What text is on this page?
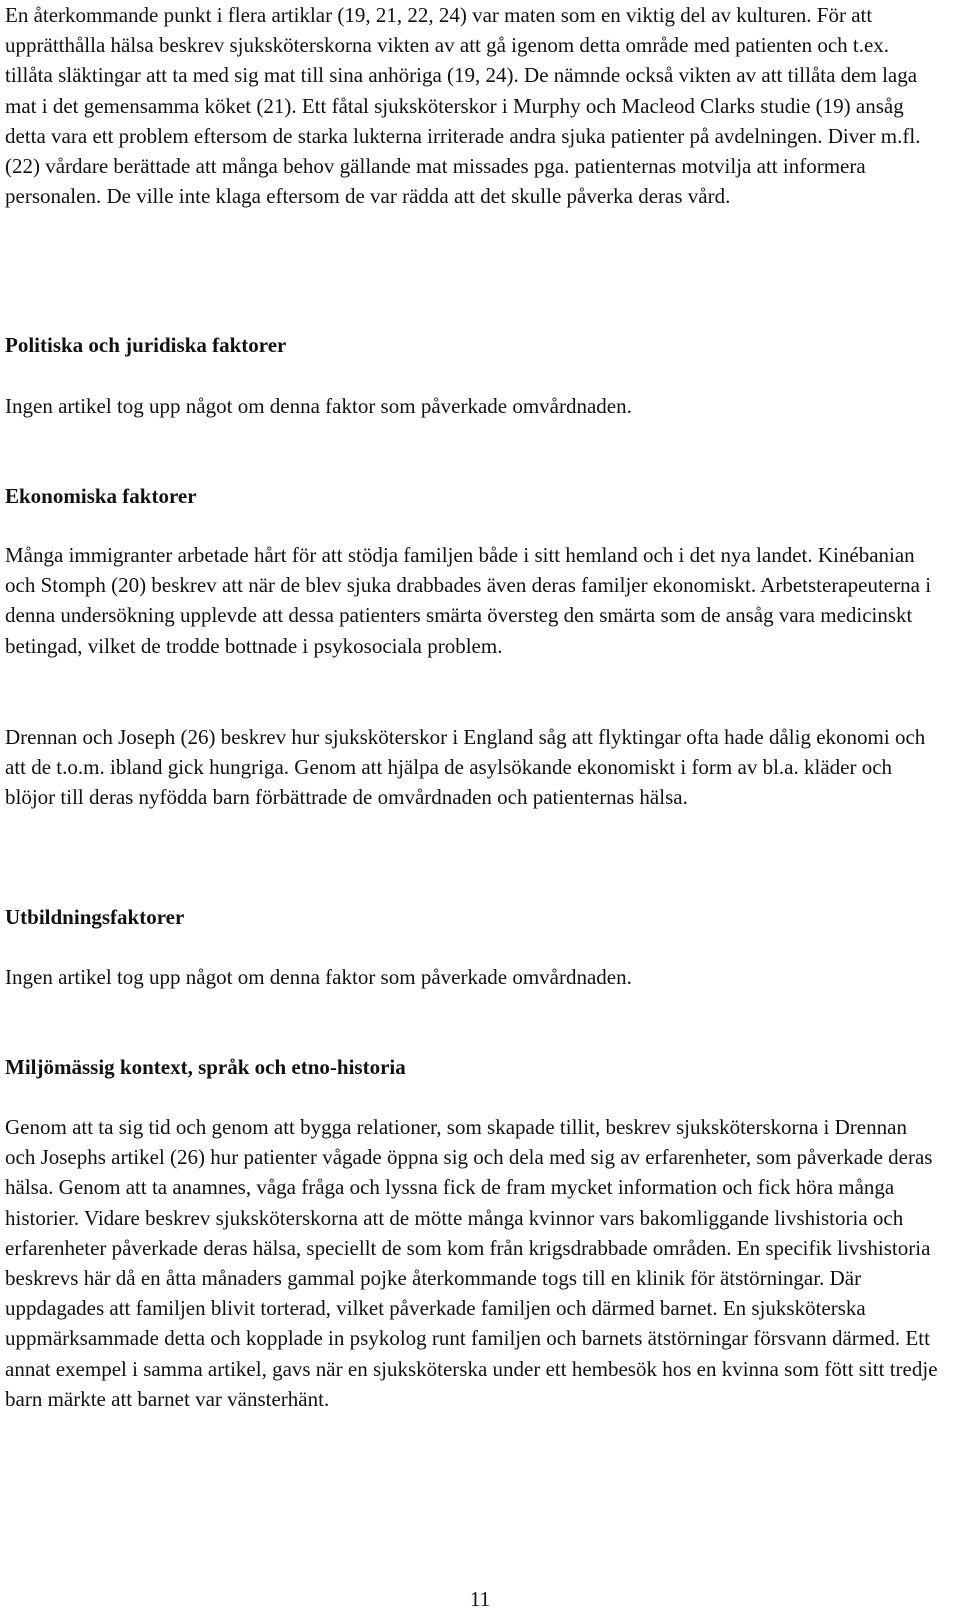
En återkommande punkt i flera artiklar (19, 21, 22, 24) var maten som en viktig del av kulturen. För att upprätthålla hälsa beskrev sjuksköterskorna vikten av att gå igenom detta område med patienten och t.ex. tillåta släktingar att ta med sig mat till sina anhöriga (19, 24). De nämnde också vikten av att tillåta dem laga mat i det gemensamma köket (21). Ett fåtal sjuksköterskor i Murphy och Macleod Clarks studie (19) ansåg detta vara ett problem eftersom de starka lukterna irriterade andra sjuka patienter på avdelningen. Diver m.fl. (22) vårdare berättade att många behov gällande mat missades pga. patienternas motvilja att informera personalen. De ville inte klaga eftersom de var rädda att det skulle påverka deras vård.

Politiska och juridiska faktorer

Ingen artikel tog upp något om denna faktor som påverkade omvårdnaden.

Ekonomiska faktorer

Många immigranter arbetade hårt för att stödja familjen både i sitt hemland och i det nya landet. Kinébanian och Stomph (20) beskrev att när de blev sjuka drabbades även deras familjer ekonomiskt. Arbetsterapeuterna i denna undersökning upplevde att dessa patienters smärta översteg den smärta som de ansåg vara medicinskt betingad, vilket de trodde bottnade i psykosociala problem.

Drennan och Joseph (26) beskrev hur sjuksköterskor i England såg att flyktingar ofta hade dålig ekonomi och att de t.o.m. ibland gick hungriga. Genom att hjälpa de asylsökande ekonomiskt i form av bl.a. kläder och blöjor till deras nyfödda barn förbättrade de omvårdnaden och patienternas hälsa.

Utbildningsfaktorer

Ingen artikel tog upp något om denna faktor som påverkade omvårdnaden.

Miljömässig kontext, språk och etno-historia

Genom att ta sig tid och genom att bygga relationer, som skapade tillit, beskrev sjuksköterskorna i Drennan och Josephs artikel (26) hur patienter vågade öppna sig och dela med sig av erfarenheter, som påverkade deras hälsa. Genom att ta anamnes, våga fråga och lyssna fick de fram mycket information och fick höra många historier. Vidare beskrev sjuksköterskorna att de mötte många kvinnor vars bakomliggande livshistoria och erfarenheter påverkade deras hälsa, speciellt de som kom från krigsdrabbade områden. En specifik livshistoria beskrevs här då en åtta månaders gammal pojke återkommande togs till en klinik för ätstörningar. Där uppdagades att familjen blivit torterad, vilket påverkade familjen och därmed barnet. En sjuksköterska uppmärksammade detta och kopplade in psykolog runt familjen och barnets ätstörningar försvann därmed. Ett annat exempel i samma artikel, gavs när en sjuksköterska under ett hembesök hos en kvinna som fött sitt tredje barn märkte att barnet var vänsterhänt.

11
